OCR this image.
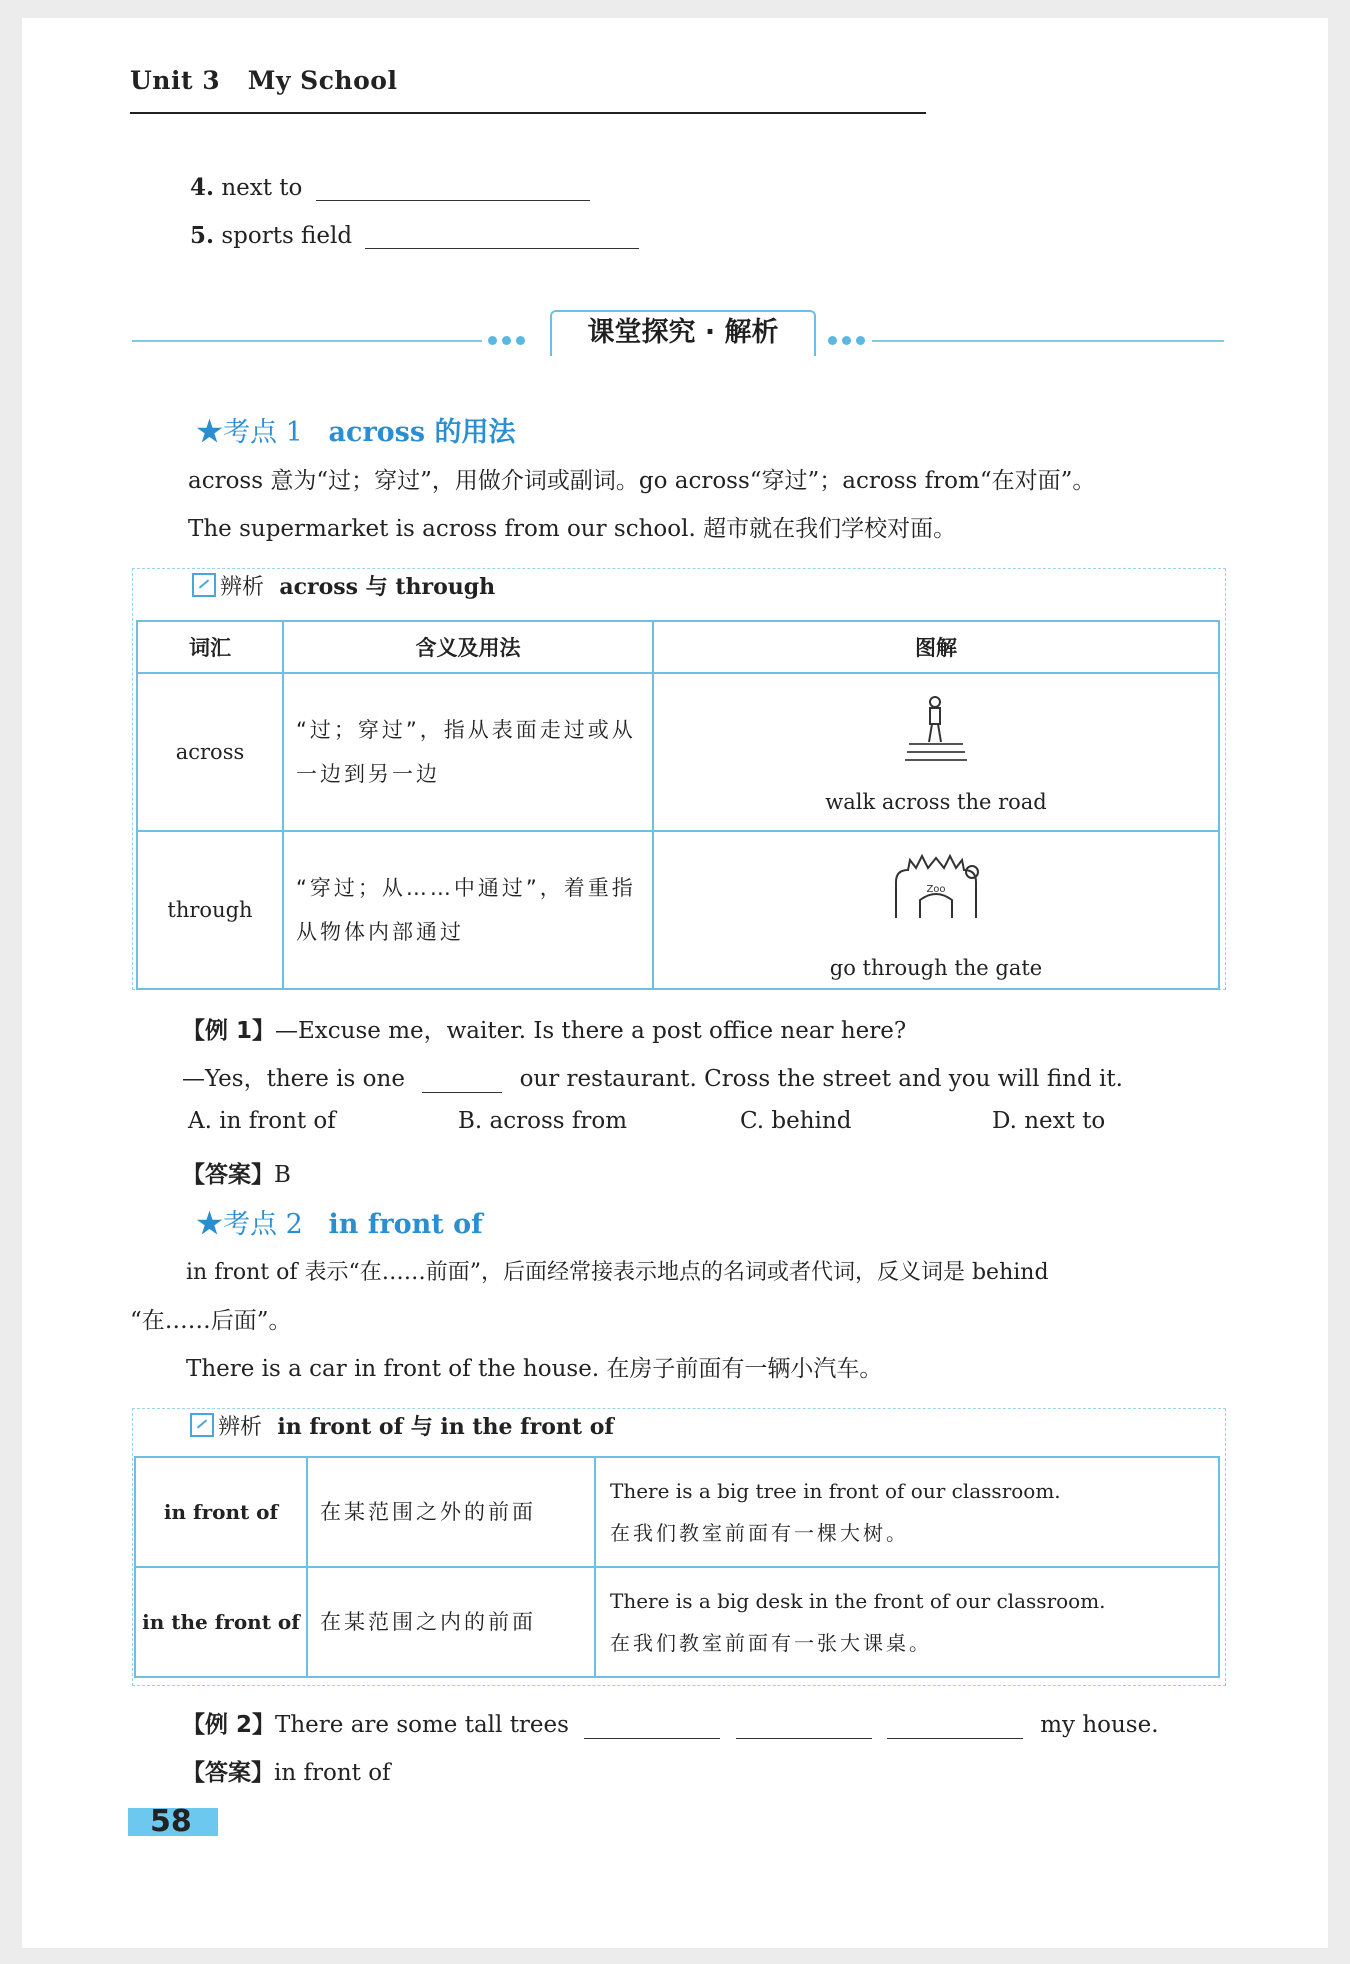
Unit 3 My School
4. next to
5. sports field
课堂探究 · 解析
★考点 1 across 的用法
across 意为“过；穿过”，用做介词或副词。go across“穿过”；across from“在对面”。
The supermarket is across from our school. 超市就在我们学校对面。
辨析 across 与 through
词汇	含义及用法	图解
across	“过；穿过”，指从表面走过或从一边到另一边	walk across the road

through	“穿过；从……中通过”，着重指从物体内部通过	Zoo
go through the gate
【例 1】—Excuse me，waiter. Is there a post office near here?
—Yes，there is one	our restaurant. Cross the street and you will find it.
A. in front of	B. across from	C. behind	D. next to
【答案】B
★考点 2 in front of
in front of 表示“在……前面”，后面经常接表示地点的名词或者代词，反义词是 behind
“在……后面”。
There is a car in front of the house. 在房子前面有一辆小汽车。
辨析 in front of 与 in the front of
in front of	在某范围之外的前面	There is a big tree in front of our classroom.
在我们教室前面有一棵大树。

in the front of	在某范围之内的前面	There is a big desk in the front of our classroom.
在我们教室前面有一张大课桌。
【例 2】There are some tall trees	my house.
【答案】in front of
58
